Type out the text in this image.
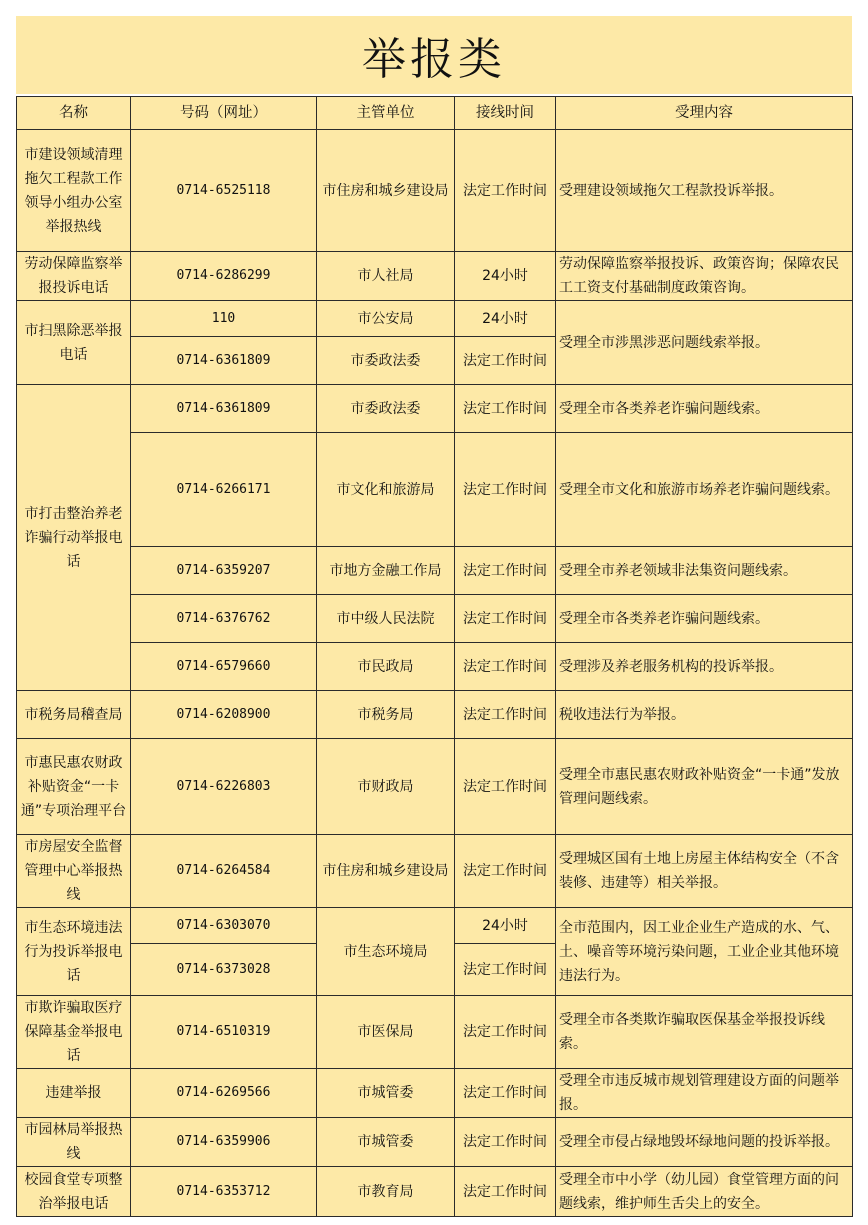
举报类
名称	号码（网址）	主管单位	接线时间	受理内容
市建设领域清理拖欠工程款工作领导小组办公室举报热线	0714-6525118	市住房和城乡建设局	法定工作时间	受理建设领域拖欠工程款投诉举报。
劳动保障监察举报投诉电话	0714-6286299	市人社局	24小时	劳动保障监察举报投诉、政策咨询；保障农民工工资支付基础制度政策咨询。
市扫黑除恶举报电话	110	市公安局	24小时	受理全市涉黑涉恶问题线索举报。
	0714-6361809	市委政法委	法定工作时间	
市打击整治养老诈骗行动举报电话	0714-6361809	市委政法委	法定工作时间	受理全市各类养老诈骗问题线索。
	0714-6266171	市文化和旅游局	法定工作时间	受理全市文化和旅游市场养老诈骗问题线索。
	0714-6359207	市地方金融工作局	法定工作时间	受理全市养老领域非法集资问题线索。
	0714-6376762	市中级人民法院	法定工作时间	受理全市各类养老诈骗问题线索。
	0714-6579660	市民政局	法定工作时间	受理涉及养老服务机构的投诉举报。
市税务局稽查局	0714-6208900	市税务局	法定工作时间	税收违法行为举报。
市惠民惠农财政补贴资金“一卡通”专项治理平台	0714-6226803	市财政局	法定工作时间	受理全市惠民惠农财政补贴资金“一卡通”发放管理问题线索。
市房屋安全监督管理中心举报热线	0714-6264584	市住房和城乡建设局	法定工作时间	受理城区国有土地上房屋主体结构安全（不含装修、违建等）相关举报。
市生态环境违法行为投诉举报电话	0714-6303070	市生态环境局	24小时	全市范围内，因工业企业生产造成的水、气、土、噪音等环境污染问题，工业企业其他环境违法行为。
	0714-6373028		法定工作时间	
市欺诈骗取医疗保障基金举报电话	0714-6510319	市医保局	法定工作时间	受理全市各类欺诈骗取医保基金举报投诉线索。
违建举报	0714-6269566	市城管委	法定工作时间	受理全市违反城市规划管理建设方面的问题举报。
市园林局举报热线	0714-6359906	市城管委	法定工作时间	受理全市侵占绿地毁坏绿地问题的投诉举报。
校园食堂专项整治举报电话	0714-6353712	市教育局	法定工作时间	受理全市中小学（幼儿园）食堂管理方面的问题线索，维护师生舌尖上的安全。
